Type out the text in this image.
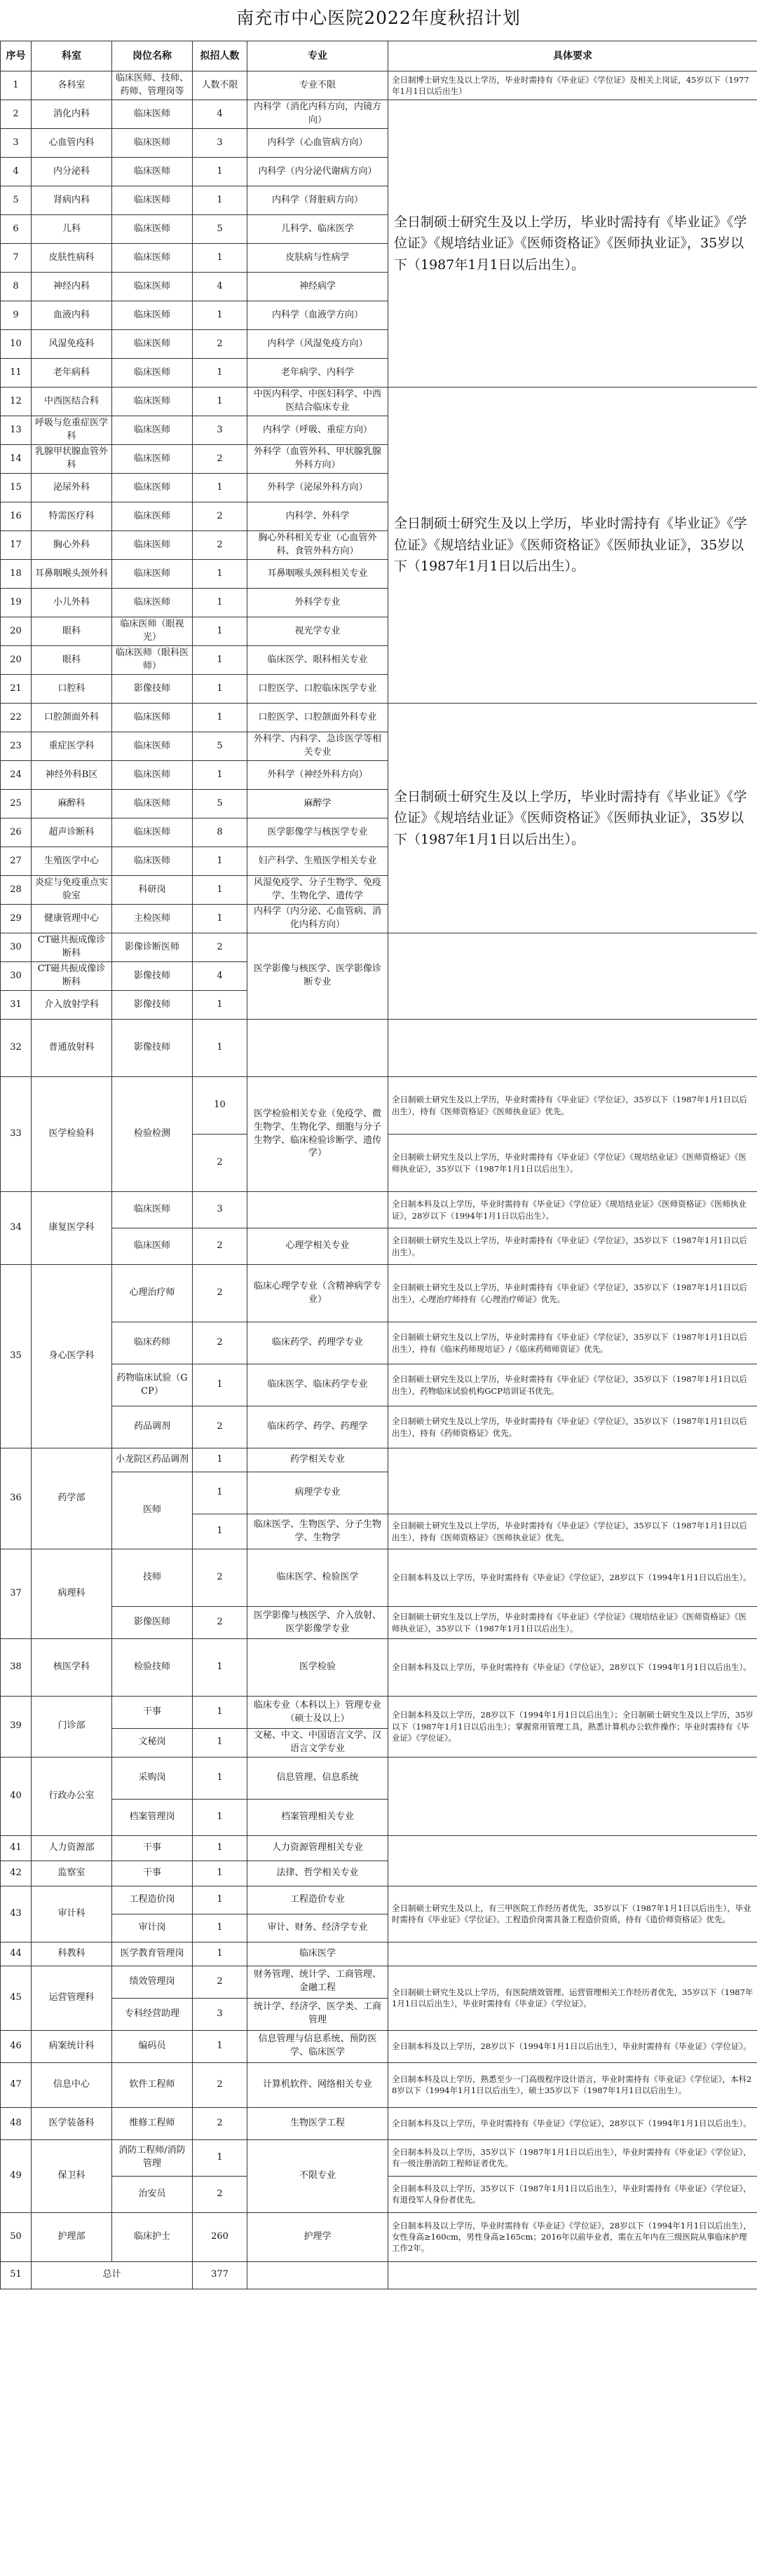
南充市中心医院2022年度秋招计划
序号	科室	岗位名称	拟招人数	专业	具体要求
1	各科室	临床医师、技师、药师、管理岗等	人数不限	专业不限	全日制博士研究生及以上学历，毕业时需持有《毕业证》《学位证》及相关上岗证，45岁以下（1977年1月1日以后出生）
2	消化内科	临床医师	4	内科学（消化内科方向，内镜方向）	全日制硕士研究生及以上学历，毕业时需持有《毕业证》《学位证》《规培结业证》《医师资格证》《医师执业证》，35岁以下（1987年1月1日以后出生）。
3	心血管内科	临床医师	3	内科学（心血管病方向）	
4	内分泌科	临床医师	1	内科学（内分泌代谢病方向）	
5	肾病内科	临床医师	1	内科学（肾脏病方向）	
6	儿科	临床医师	5	儿科学、临床医学	
7	皮肤性病科	临床医师	1	皮肤病与性病学	
8	神经内科	临床医师	4	神经病学	
9	血液内科	临床医师	1	内科学（血液学方向）	
10	风湿免疫科	临床医师	2	内科学（风湿免疫方向）	
11	老年病科	临床医师	1	老年病学、内科学	
12	中西医结合科	临床医师	1	中医内科学、中医妇科学、中西医结合临床专业	全日制硕士研究生及以上学历，毕业时需持有《毕业证》《学位证》《规培结业证》《医师资格证》《医师执业证》，35岁以下（1987年1月1日以后出生）。
13	呼吸与危重症医学科	临床医师	3	内科学（呼吸、重症方向）	
14	乳腺甲状腺血管外科	临床医师	2	外科学（血管外科、甲状腺乳腺外科方向）	
15	泌尿外科	临床医师	1	外科学（泌尿外科方向）	
16	特需医疗科	临床医师	2	内科学、外科学	
17	胸心外科	临床医师	2	胸心外科相关专业（心血管外科、食管外科方向）	
18	耳鼻咽喉头颈外科	临床医师	1	耳鼻咽喉头颈科相关专业	
19	小儿外科	临床医师	1	外科学专业	
20	眼科	临床医师（眼视光）	1	视光学专业	
20	眼科	临床医师（眼科医师）	1	临床医学、眼科相关专业	
21	口腔科	影像技师	1	口腔医学、口腔临床医学专业	
22	口腔颌面外科	临床医师	1	口腔医学、口腔颌面外科专业	全日制硕士研究生及以上学历，毕业时需持有《毕业证》《学位证》《规培结业证》《医师资格证》《医师执业证》，35岁以下（1987年1月1日以后出生）。
23	重症医学科	临床医师	5	外科学、内科学、急诊医学等相关专业	
24	神经外科B区	临床医师	1	外科学（神经外科方向）	
25	麻醉科	临床医师	5	麻醉学	
26	超声诊断科	临床医师	8	医学影像学与核医学专业	
27	生殖医学中心	临床医师	1	妇产科学、生殖医学相关专业	
28	炎症与免疫重点实验室	科研岗	1	风湿免疫学、分子生物学、免疫学、生物化学、遗传学	
29	健康管理中心	主检医师	1	内科学（内分泌、心血管病、消化内科方向）	
30	CT磁共振成像诊断科	影像诊断医师	2	医学影像与核医学、医学影像诊断专业	
30	CT磁共振成像诊断科	影像技师	4		
31	介入放射学科	影像技师	1		
32	普通放射科	影像技师	1		
33	医学检验科	检验检测	10	医学检验相关专业（免疫学、微生物学、生物化学、细胞与分子生物学、临床检验诊断学、遗传学）	全日制硕士研究生及以上学历，毕业时需持有《毕业证》《学位证》，35岁以下（1987年1月1日以后出生），持有《医师资格证》《医师执业证》优先。
			2		全日制硕士研究生及以上学历，毕业时需持有《毕业证》《学位证》《规培结业证》《医师资格证》《医师执业证》，35岁以下（1987年1月1日以后出生）。
34	康复医学科	临床医师	3		全日制本科及以上学历，毕业时需持有《毕业证》《学位证》《规培结业证》《医师资格证》《医师执业证》，28岁以下（1994年1月1日以后出生）。
		临床医师	2	心理学相关专业	全日制硕士研究生及以上学历，毕业时需持有《毕业证》《学位证》，35岁以下（1987年1月1日以后出生）。
35	身心医学科	心理治疗师	2	临床心理学专业（含精神病学专业）	全日制硕士研究生及以上学历，毕业时需持有《毕业证》《学位证》，35岁以下（1987年1月1日以后出生），心理治疗师持有《心理治疗师证》优先。
		临床药师	2	临床药学、药理学专业	全日制硕士研究生及以上学历，毕业时需持有《毕业证》《学位证》，35岁以下（1987年1月1日以后出生），持有《临床药师规培证》/《临床药师师资证》优先。
		药物临床试验（GCP）	1	临床医学、临床药学专业	全日制硕士研究生及以上学历，毕业时需持有《毕业证》《学位证》，35岁以下（1987年1月1日以后出生），药物临床试验机构GCP培训证书优先。
		药品调剂	2	临床药学、药学、药理学	全日制硕士研究生及以上学历，毕业时需持有《毕业证》《学位证》，35岁以下（1987年1月1日以后出生），持有《药师资格证》优先。
36	药学部	小龙院区药品调剂	1	药学相关专业	
		医师	1	病理学专业	
			1	临床医学、生物医学、分子生物学、生物学	全日制硕士研究生及以上学历，毕业时需持有《毕业证》《学位证》，35岁以下（1987年1月1日以后出生），持有《医师资格证》《医师执业证》优先。
37	病理科	技师	2	临床医学、检验医学	全日制本科及以上学历，毕业时需持有《毕业证》《学位证》，28岁以下（1994年1月1日以后出生）。
		影像医师	2	医学影像与核医学、介入放射、医学影像学专业	全日制硕士研究生及以上学历，毕业时需持有《毕业证》《学位证》《规培结业证》《医师资格证》《医师执业证》，35岁以下（1987年1月1日以后出生）。
38	核医学科	检验技师	1	医学检验	全日制本科及以上学历，毕业时需持有《毕业证》《学位证》，28岁以下（1994年1月1日以后出生）。
39	门诊部	干事	1	临床专业（本科以上）管理专业（硕士及以上）	全日制本科及以上学历，28岁以下（1994年1月1日以后出生）；全日制硕士研究生及以上学历，35岁以下（1987年1月1日以后出生）；掌握常用管理工具，熟悉计算机办公软件操作；毕业时需持有《毕业证》《学位证》。
		文秘岗	1	文秘、中文、中国语言文学、汉语言文学专业	
40	行政办公室	采购岗	1	信息管理、信息系统	
		档案管理岗	1	档案管理相关专业	
41	人力资源部	干事	1	人力资源管理相关专业	
42	监察室	干事	1	法律、哲学相关专业	
43	审计科	工程造价岗	1	工程造价专业	全日制硕士研究生及以上，有三甲医院工作经历者优先，35岁以下（1987年1月1日以后出生），毕业时需持有《毕业证》《学位证》。工程造价岗需具备工程造价资质，持有《造价师资格证》优先。
		审计岗	1	审计、财务、经济学专业	
44	科教科	医学教育管理岗	1	临床医学	
45	运营管理科	绩效管理岗	2	财务管理、统计学、工商管理、金融工程	全日制硕士研究生及以上学历，有医院绩效管理、运营管理相关工作经历者优先，35岁以下（1987年1月1日以后出生），毕业时需持有《毕业证》《学位证》。
		专科经营助理	3	统计学、经济学、医学类、工商管理	
46	病案统计科	编码员	1	信息管理与信息系统、预防医学、临床医学	全日制本科及以上学历，28岁以下（1994年1月1日以后出生），毕业时需持有《毕业证》《学位证》。
47	信息中心	软件工程师	2	计算机软件、网络相关专业	全日制本科及以上学历，熟悉至少一门高级程序设计语言，毕业时需持有《毕业证》《学位证》，本科28岁以下（1994年1月1日以后出生），硕士35岁以下（1987年1月1日以后出生）。
48	医学装备科	维修工程师	2	生物医学工程	全日制本科及以上学历，毕业时需持有《毕业证》《学位证》，28岁以下（1994年1月1日以后出生）。
49	保卫科	消防工程师/消防管理	1	不限专业	全日制本科及以上学历，35岁以下（1987年1月1日以后出生），毕业时需持有《毕业证》《学位证》，有一级注册消防工程师证者优先。
		治安员	2		全日制本科及以上学历，35岁以下（1987年1月1日以后出生），毕业时需持有《毕业证》《学位证》，有退役军人身份者优先。
50	护理部	临床护士	260	护理学	全日制本科及以上学历，毕业时需持有《毕业证》《学位证》，28岁以下（1994年1月1日以后出生），女性身高≥160cm，男性身高≥165cm；2016年以前毕业者，需在五年内在三级医院从事临床护理工作2年。
51	总计		377		
